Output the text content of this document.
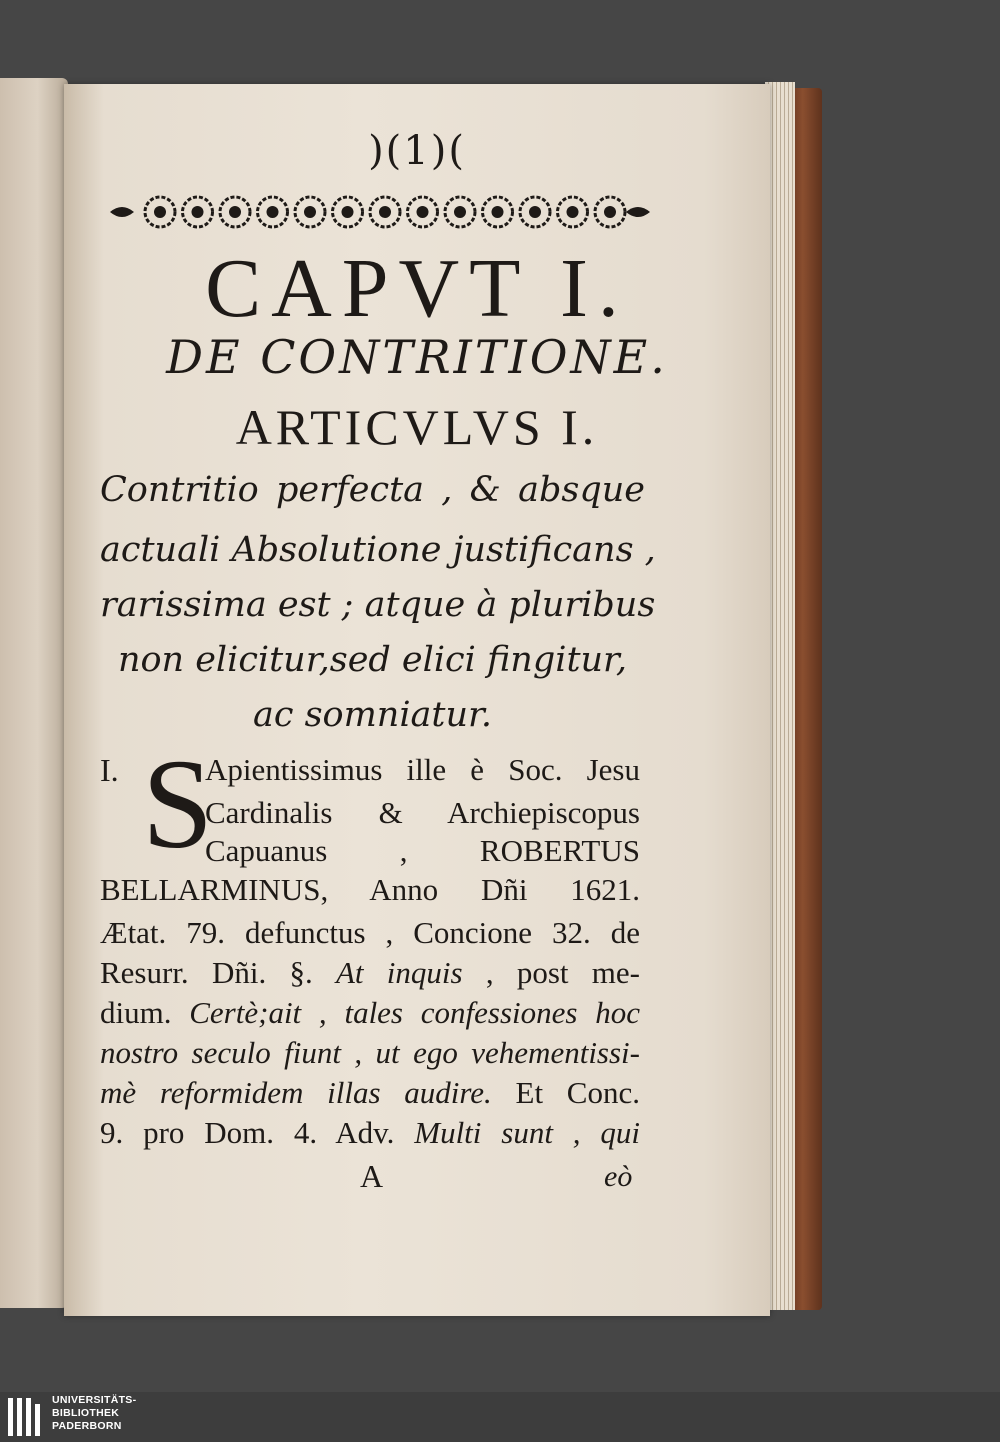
)(1)(
CAPVT I.
DE CONTRITIONE.
ARTICVLVS I.
Contritio perfecta , & absque
actuali Absolutione justificans ,
rarissima est ; atque à pluribus
non elicitur,sed elici fingitur,
ac somniatur.
I. S
Apientissimus ille è Soc. Jesu
Cardinalis & Archiepiscopus
Capuanus , ROBERTUS
BELLARMINUS, Anno Dñi 1621.
Ætat. 79. defunctus , Concione 32. de
Resurr. Dñi. §. At inquis , post me-
dium. Certè;ait , tales confessiones hoc
nostro seculo fiunt , ut ego vehementissi-
mè reformidem illas audire. Et Conc.
9. pro Dom. 4. Adv. Multi sunt , qui
A	eò
UNIVERSITÄTS-
BIBLIOTHEK
PADERBORN
